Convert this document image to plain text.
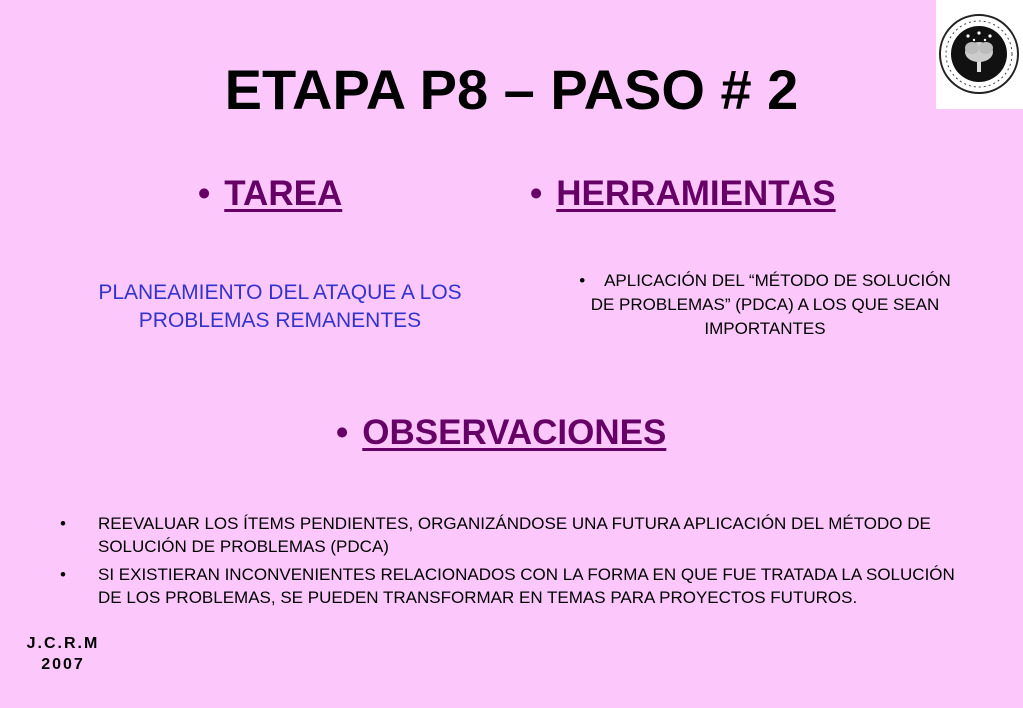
ETAPA P8 – PASO # 2
• TAREA	• HERRAMIENTAS
PLANEAMIENTO DEL ATAQUE A LOS PROBLEMAS REMANENTES
•    APLICACIÓN DEL “MÉTODO DE SOLUCIÓN DE PROBLEMAS” (PDCA) A LOS QUE SEAN IMPORTANTES
• OBSERVACIONES
• REEVALUAR LOS ÍTEMS PENDIENTES, ORGANIZÁNDOSE UNA FUTURA APLICACIÓN DEL MÉTODO DE SOLUCIÓN DE PROBLEMAS (PDCA)
• SI EXISTIERAN INCONVENIENTES RELACIONADOS CON LA FORMA EN QUE FUE TRATADA LA SOLUCIÓN DE LOS PROBLEMAS, SE PUEDEN TRANSFORMAR EN TEMAS PARA PROYECTOS FUTUROS.
J.C.R.M
2007
